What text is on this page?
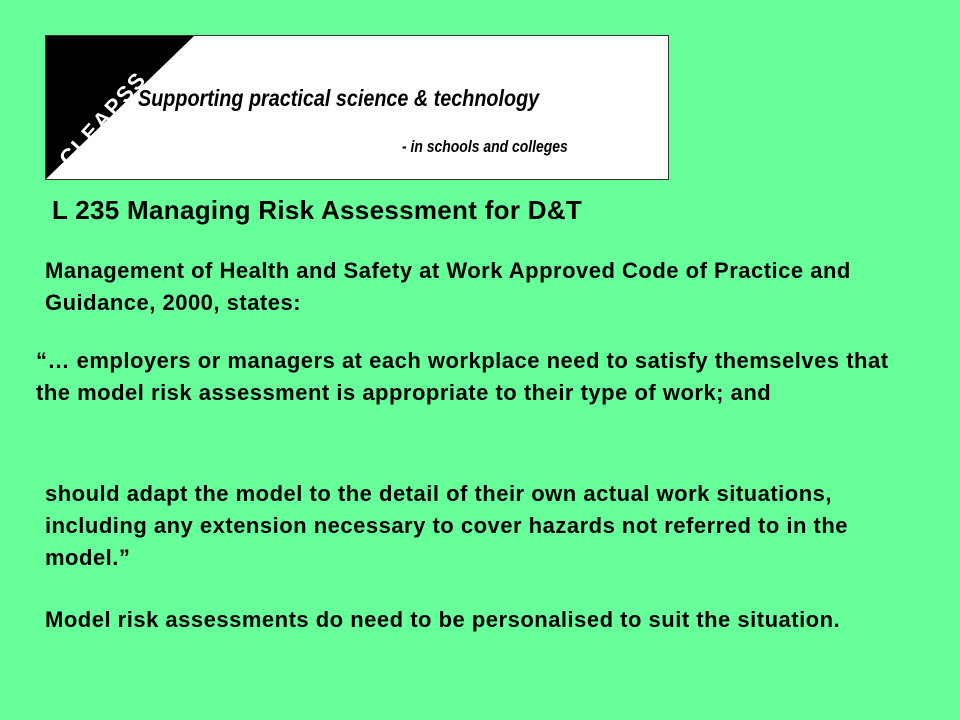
CLEAPSS
Supporting practical science & technology
- in schools and colleges
L 235 Managing Risk Assessment for D&T

Management of Health and Safety at Work Approved Code of Practice and Guidance, 2000, states:

“… employers or managers at each workplace need to satisfy themselves that the model risk assessment is appropriate to their type of work; and

should adapt the model to the detail of their own actual work situations, including any extension necessary to cover hazards not referred to in the model.”

Model risk assessments do need to be personalised to suit the situation.
